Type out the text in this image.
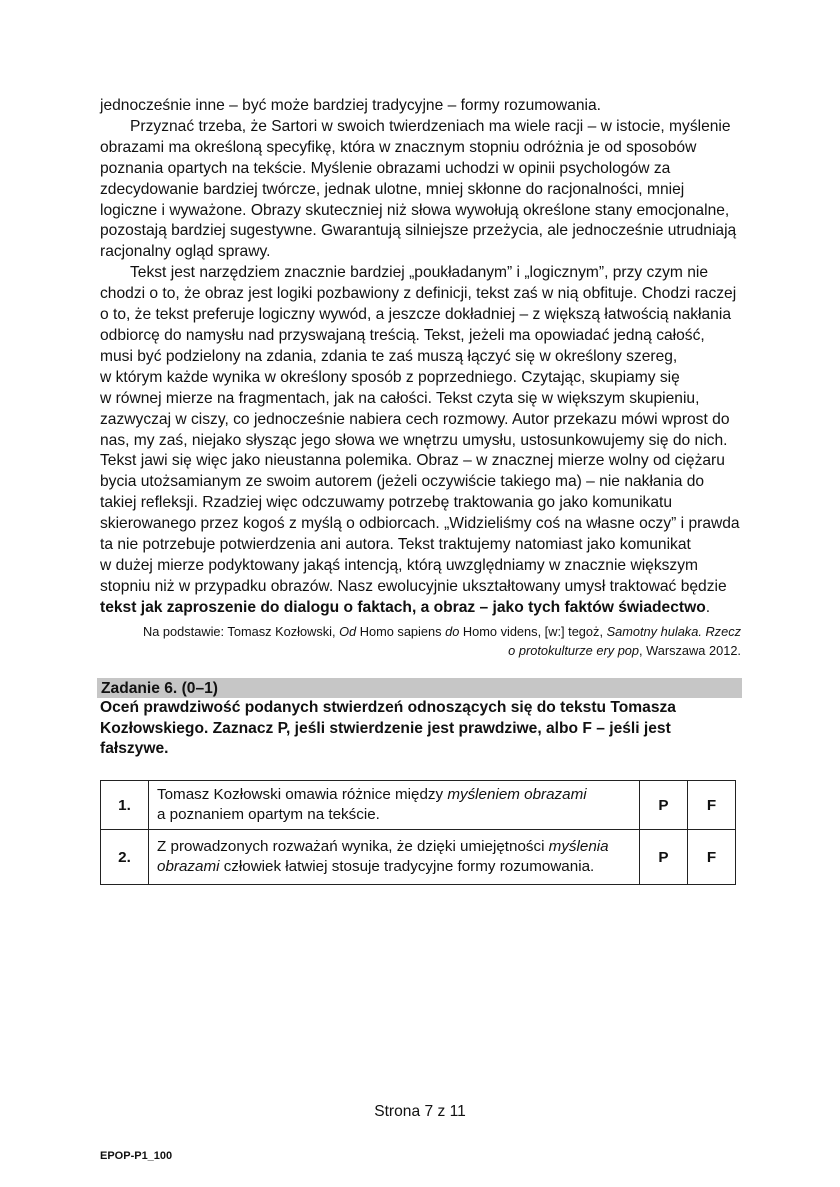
jednocześnie inne – być może bardziej tradycyjne – formy rozumowania.
Przyznać trzeba, że Sartori w swoich twierdzeniach ma wiele racji – w istocie, myślenie
obrazami ma określoną specyfikę, która w znacznym stopniu odróżnia je od sposobów
poznania opartych na tekście. Myślenie obrazami uchodzi w opinii psychologów za
zdecydowanie bardziej twórcze, jednak ulotne, mniej skłonne do racjonalności, mniej
logiczne i wyważone. Obrazy skuteczniej niż słowa wywołują określone stany emocjonalne,
pozostają bardziej sugestywne. Gwarantują silniejsze przeżycia, ale jednocześnie utrudniają
racjonalny ogląd sprawy.
Tekst jest narzędziem znacznie bardziej „poukładanym” i „logicznym”, przy czym nie
chodzi o to, że obraz jest logiki pozbawiony z definicji, tekst zaś w nią obfituje. Chodzi raczej
o to, że tekst preferuje logiczny wywód, a jeszcze dokładniej – z większą łatwością nakłania
odbiorcę do namysłu nad przyswajaną treścią. Tekst, jeżeli ma opowiadać jedną całość,
musi być podzielony na zdania, zdania te zaś muszą łączyć się w określony szereg,
w którym każde wynika w określony sposób z poprzedniego. Czytając, skupiamy się
w równej mierze na fragmentach, jak na całości. Tekst czyta się w większym skupieniu,
zazwyczaj w ciszy, co jednocześnie nabiera cech rozmowy. Autor przekazu mówi wprost do
nas, my zaś, niejako słysząc jego słowa we wnętrzu umysłu, ustosunkowujemy się do nich.
Tekst jawi się więc jako nieustanna polemika. Obraz – w znacznej mierze wolny od ciężaru
bycia utożsamianym ze swoim autorem (jeżeli oczywiście takiego ma) – nie nakłania do
takiej refleksji. Rzadziej więc odczuwamy potrzebę traktowania go jako komunikatu
skierowanego przez kogoś z myślą o odbiorcach. „Widzieliśmy coś na własne oczy” i prawda
ta nie potrzebuje potwierdzenia ani autora. Tekst traktujemy natomiast jako komunikat
w dużej mierze podyktowany jakąś intencją, którą uwzględniamy w znacznie większym
stopniu niż w przypadku obrazów. Nasz ewolucyjnie ukształtowany umysł traktować będzie
tekst jak zaproszenie do dialogu o faktach, a obraz – jako tych faktów świadectwo.
Na podstawie: Tomasz Kozłowski, Od Homo sapiens do Homo videns, [w:] tegoż, Samotny hulaka. Rzecz
o protokulturze ery pop, Warszawa 2012.
Zadanie 6. (0–1)
Oceń prawdziwość podanych stwierdzeń odnoszących się do tekstu Tomasza
Kozłowskiego. Zaznacz P, jeśli stwierdzenie jest prawdziwe, albo F – jeśli jest
fałszywe.
1.	Tomasz Kozłowski omawia różnice między myśleniem obrazami
a poznaniem opartym na tekście.	P	F
2.	Z prowadzonych rozważań wynika, że dzięki umiejętności myślenia
obrazami człowiek łatwiej stosuje tradycyjne formy rozumowania.	P	F
Strona 7 z 11
EPOP-P1_100
